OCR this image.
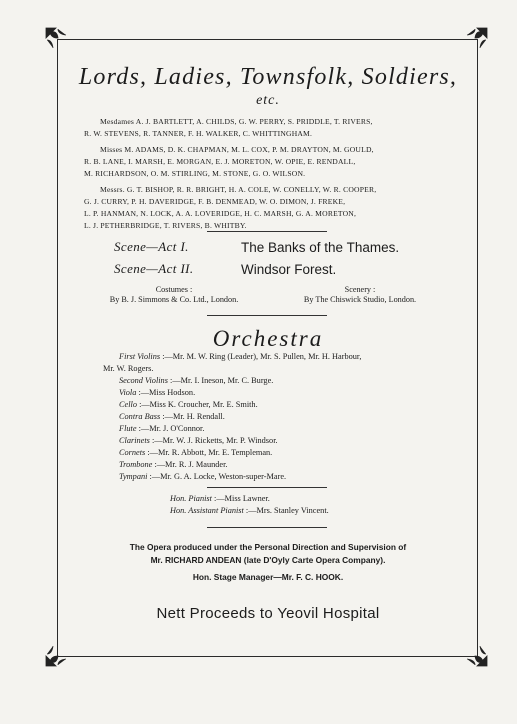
Lords, Ladies, Townsfolk, Soldiers,
etc.
Mesdames A. J. BARTLETT, A. CHILDS, G. W. PERRY, S. PRIDDLE, T. RIVERS,
R. W. STEVENS, R. TANNER, F. H. WALKER, C. WHITTINGHAM.
Misses M. ADAMS, D. K. CHAPMAN, M. L. COX, P. M. DRAYTON, M. GOULD,
R. B. LANE, I. MARSH, E. MORGAN, E. J. MORETON, W. OPIE, E. RENDALL,
M. RICHARDSON, O. M. STIRLING, M. STONE, G. O. WILSON.
Messrs. G. T. BISHOP, R. R. BRIGHT, H. A. COLE, W. CONELLY, W. R. COOPER,
G. J. CURRY, P. H. DAVERIDGE, F. B. DENMEAD, W. O. DIMON, J. FREKE,
L. P. HANMAN, N. LOCK, A. A. LOVERIDGE, H. C. MARSH, G. A. MORETON,
L. J. PETHERBRIDGE, T. RIVERS, B. WHITBY.
Scene—Act I.	The Banks of the Thames.
Scene—Act II.	Windsor Forest.
Costumes :
By B. J. Simmons & Co. Ltd., London.
Scenery :
By The Chiswick Studio, London.
Orchestra
First Violins :—Mr. M. W. Ring (Leader), Mr. S. Pullen, Mr. H. Harbour,
Mr. W. Rogers.
Second Violins :—Mr. I. Ineson, Mr. C. Burge.
Viola :—Miss Hodson.
Cello :—Miss K. Croucher, Mr. E. Smith.
Contra Bass :—Mr. H. Rendall.
Flute :—Mr. J. O'Connor.
Clarinets :—Mr. W. J. Ricketts, Mr. P. Windsor.
Cornets :—Mr. R. Abbott, Mr. E. Templeman.
Trombone :—Mr. R. J. Maunder.
Tympani :—Mr. G. A. Locke, Weston-super-Mare.
Hon. Pianist :—Miss Lawner.
Hon. Assistant Pianist :—Mrs. Stanley Vincent.
The Opera produced under the Personal Direction and Supervision of
Mr. RICHARD ANDEAN (late D'Oyly Carte Opera Company).
Hon. Stage Manager—Mr. F. C. HOOK.
Nett Proceeds to Yeovil Hospital
